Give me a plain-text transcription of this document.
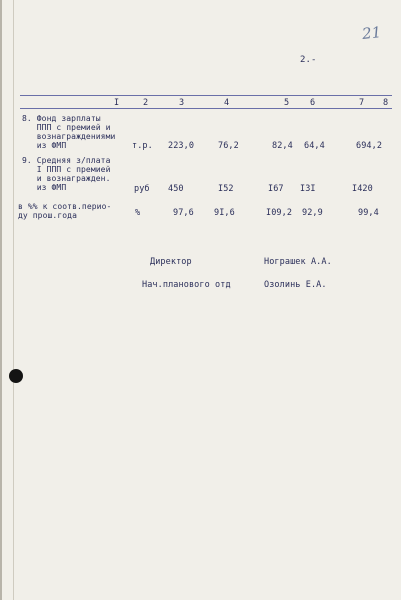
21
2.-
I	2	3	4	5 6	7 8
8. Фонд зарплаты
ППП с премией и
вознаграждениями
из ФМП	т.р. 223,0	76,2	82,4 64,4	694,2
9. Средняя з/плата
I ППП с премией
и вознагражден.
из ФМП	руб 450	I52	I67 I3I	I420
в %% к соотв.перио-
ду прош.года	%	97,6 9I,6	I09,2 92,9	99,4
Директор	Ногрaшек А.А.
Нач.планового отд	Озолинь Е.А.
